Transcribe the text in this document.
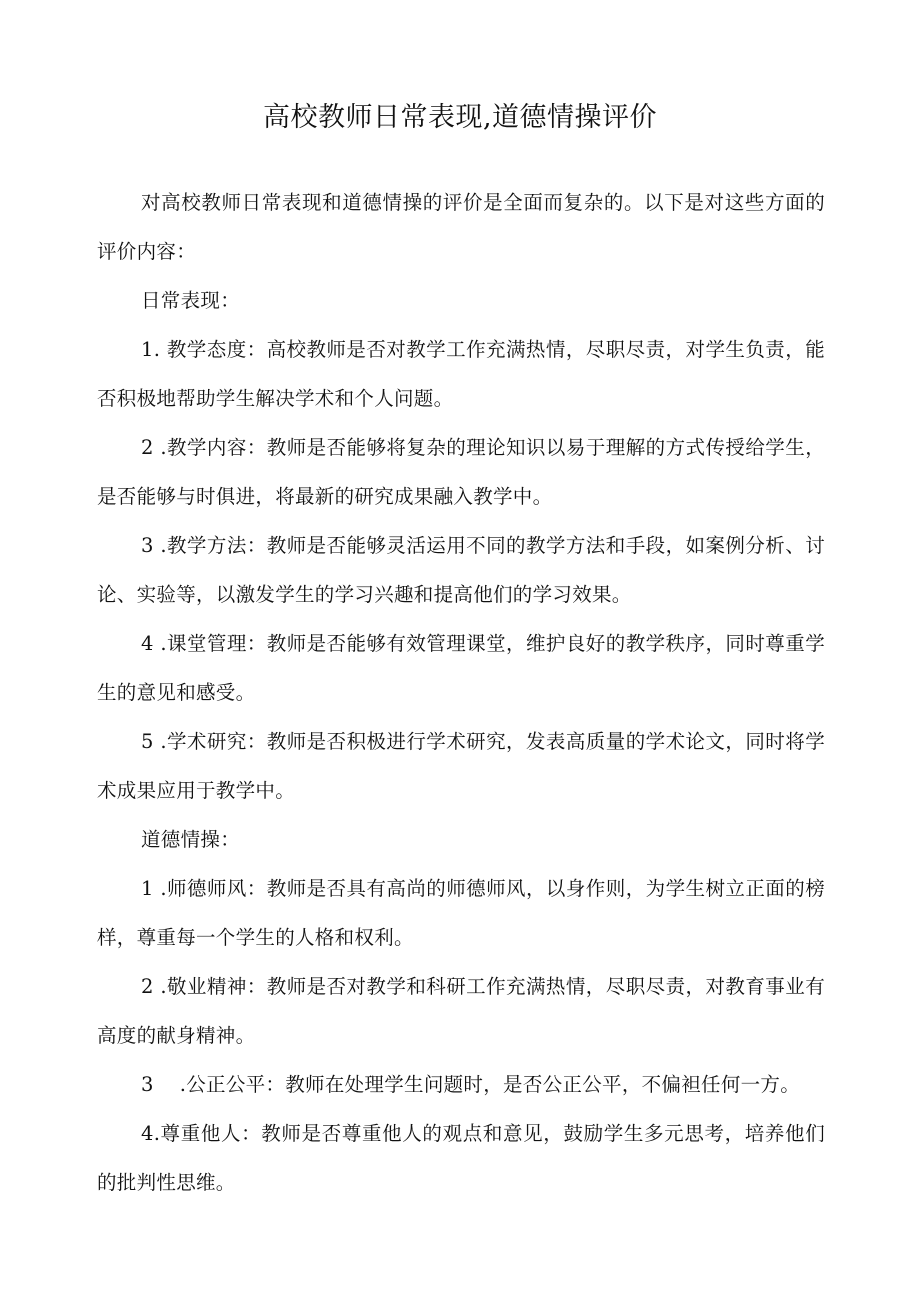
高校教师日常表现,道德情操评价

对高校教师日常表现和道德情操的评价是全面而复杂的。以下是对这些方面的评价内容：

日常表现：

1. 教学态度：高校教师是否对教学工作充满热情，尽职尽责，对学生负责，能否积极地帮助学生解决学术和个人问题。

2 .教学内容：教师是否能够将复杂的理论知识以易于理解的方式传授给学生，是否能够与时俱进，将最新的研究成果融入教学中。

3 .教学方法：教师是否能够灵活运用不同的教学方法和手段，如案例分析、讨论、实验等，以激发学生的学习兴趣和提高他们的学习效果。

4 .课堂管理：教师是否能够有效管理课堂，维护良好的教学秩序，同时尊重学生的意见和感受。

5 .学术研究：教师是否积极进行学术研究，发表高质量的学术论文，同时将学术成果应用于教学中。

道德情操：

1 .师德师风：教师是否具有高尚的师德师风，以身作则，为学生树立正面的榜样，尊重每一个学生的人格和权利。

2 .敬业精神：教师是否对教学和科研工作充满热情，尽职尽责，对教育事业有高度的献身精神。

3 .公正公平：教师在处理学生问题时，是否公正公平，不偏袒任何一方。

4.尊重他人：教师是否尊重他人的观点和意见，鼓励学生多元思考，培养他们的批判性思维。
